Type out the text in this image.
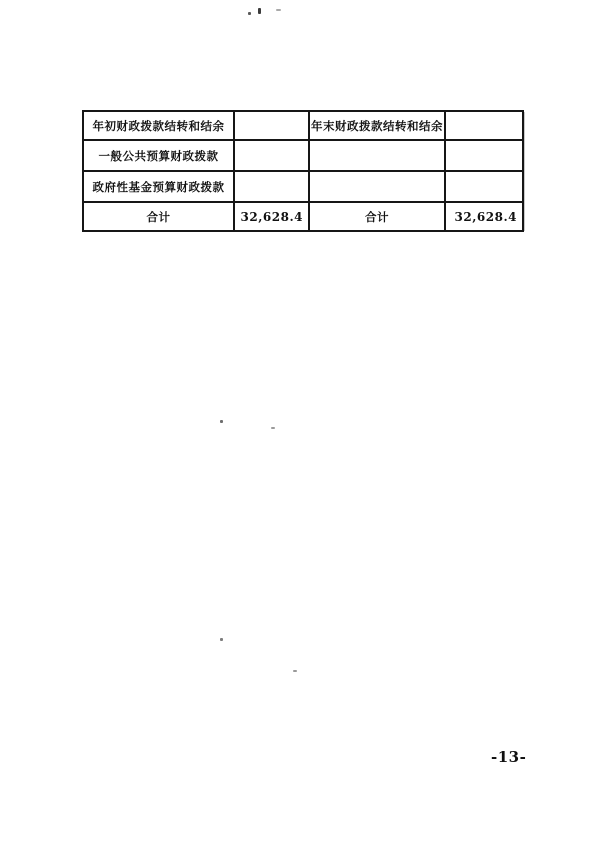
年初财政拨款结转和结余		年末财政拨款结转和结余	
一般公共预算财政拨款			
政府性基金预算财政拨款			
合计	32,628.4	合计	32,628.4
-13-
